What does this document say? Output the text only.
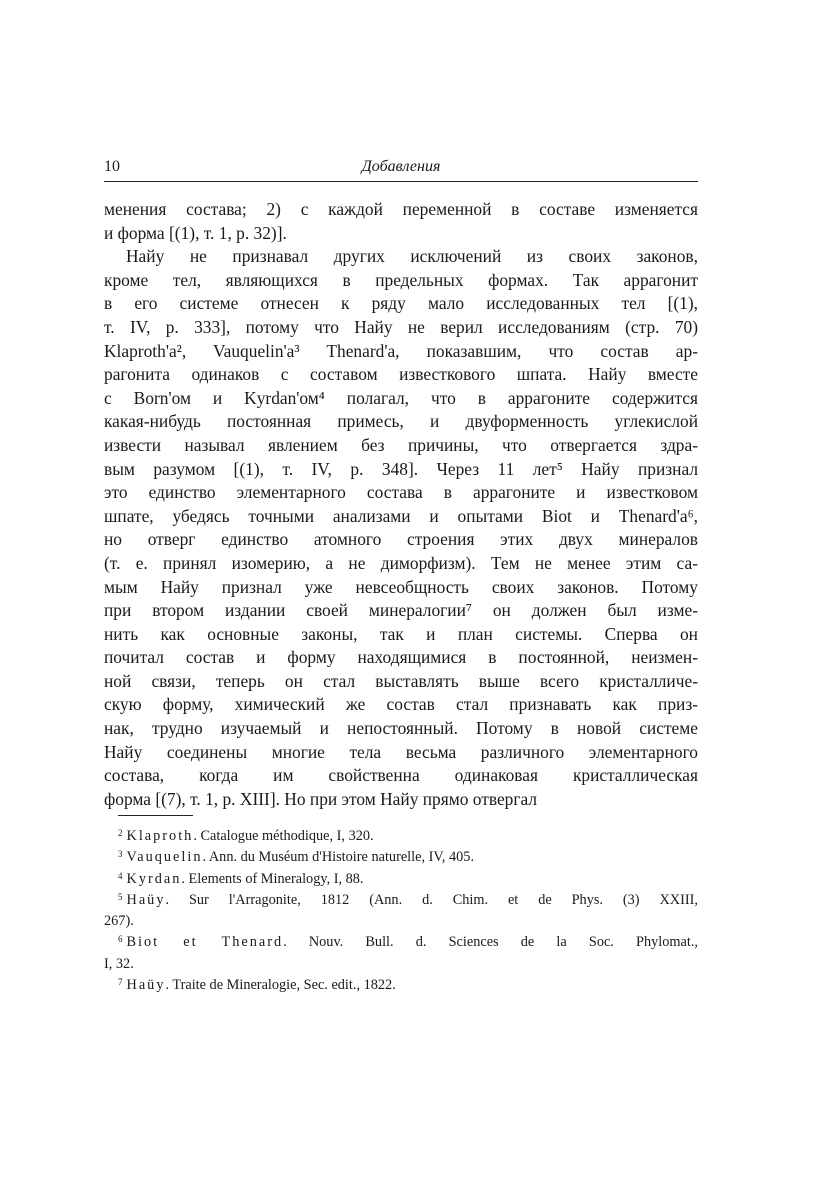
10	Добавления
менения состава; 2) с каждой переменной в составе изменяется
и форма [(1), т. 1, р. 32)].
Найу не признавал других исключений из своих законов,
кроме тел, являющихся в предельных формах. Так аррагонит
в его системе отнесен к ряду мало исследованных тел [(1),
т. IV, р. 333], потому что Найу не верил исследованиям (стр. 70)
Klaproth'a², Vauquelin'a³ Thenard'a, показавшим, что состав ар-
рагонита одинаков с составом известкового шпата. Найу вместе
с Born'ом и Kyrdan'ом⁴ полагал, что в аррагоните содержится
какая-нибудь постоянная примесь, и двуформенность углекислой
извести называл явлением без причины, что отвергается здра-
вым разумом [(1), т. IV, р. 348]. Через 11 лет⁵ Найу признал
это единство элементарного состава в аррагоните и известковом
шпате, убедясь точными анализами и опытами Biot и Thenard'a⁶,
но отверг единство атомного строения этих двух минералов
(т. е. принял изомерию, а не диморфизм). Тем не менее этим са-
мым Найу признал уже невсеобщность своих законов. Потому
при втором издании своей минералогии⁷ он должен был изме-
нить как основные законы, так и план системы. Сперва он
почитал состав и форму находящимися в постоянной, неизмен-
ной связи, теперь он стал выставлять выше всего кристалличе-
скую форму, химический же состав стал признавать как приз-
нак, трудно изучаемый и непостоянный. Потому в новой системе
Найу соединены многие тела весьма различного элементарного
состава, когда им свойственна одинаковая кристаллическая
форма [(7), т. 1, р. XIII]. Но при этом Найу прямо отвергал
$^2$ Klaproth. Catalogue méthodique, I, 320.
$^3$ Vauquelin. Ann. du Muséum d'Histoire naturelle, IV, 405.
$^4$ Kyrdan. Elements of Mineralogy, I, 88.
$^5$ Haüy. Sur l'Arragonite, 1812 (Ann. d. Chim. et de Phys. (3) XXIII,
267).
$^6$ Biot et Thenard. Nouv. Bull. d. Sciences de la Soc. Phylomat.,
I, 32.
$^7$ Haüy. Traite de Mineralogie, Sec. edit., 1822.
